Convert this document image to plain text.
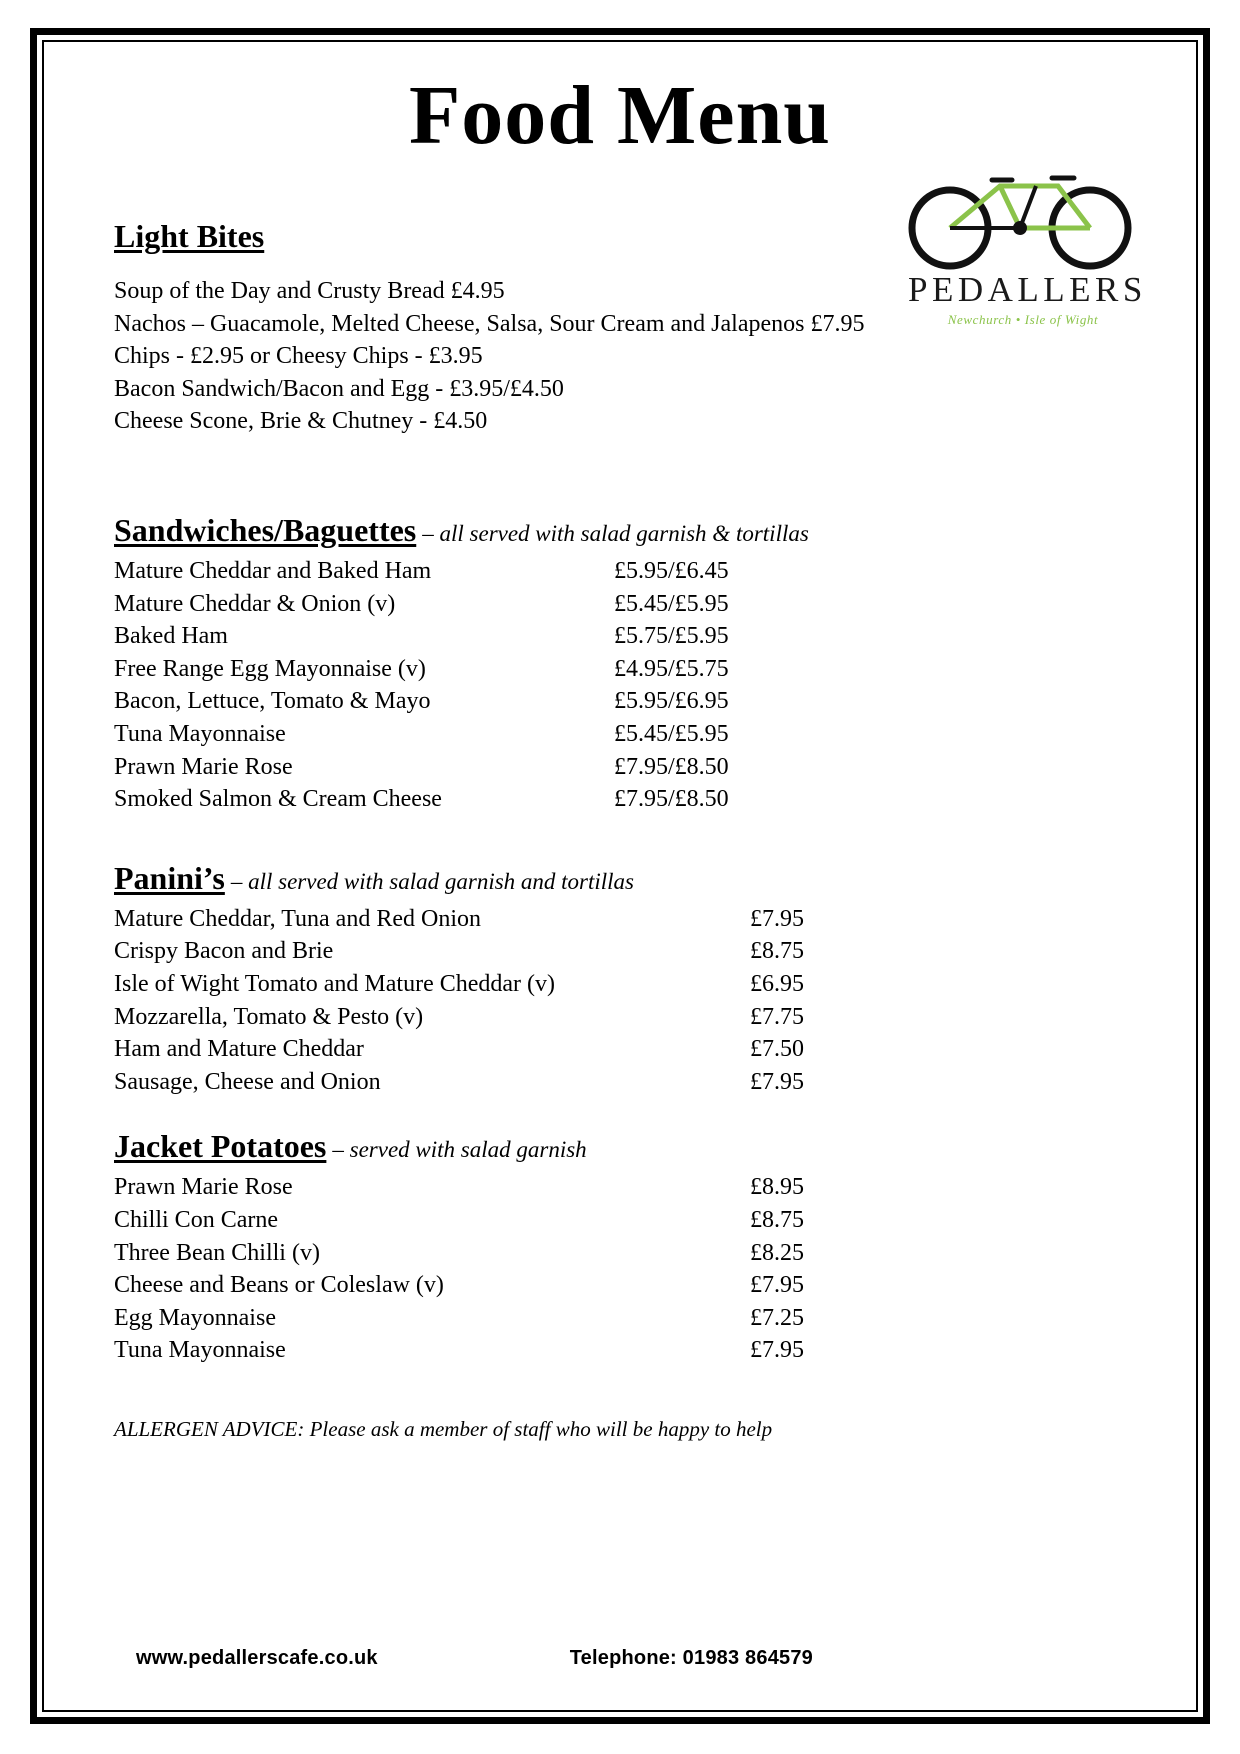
Food Menu
PEDALLERS
Newchurch • Isle of Wight
Light Bites
Soup of the Day and Crusty Bread £4.95
Nachos – Guacamole, Melted Cheese, Salsa, Sour Cream and Jalapenos £7.95
Chips - £2.95 or Cheesy Chips - £3.95
Bacon Sandwich/Bacon and Egg - £3.95/£4.50
Cheese Scone, Brie & Chutney - £4.50
Sandwiches/Baguettes – all served with salad garnish & tortillas
Mature Cheddar and Baked Ham	£5.95/£6.45
Mature Cheddar & Onion (v)	£5.45/£5.95
Baked Ham	£5.75/£5.95
Free Range Egg Mayonnaise (v)	£4.95/£5.75
Bacon, Lettuce, Tomato & Mayo	£5.95/£6.95
Tuna Mayonnaise	£5.45/£5.95
Prawn Marie Rose	£7.95/£8.50
Smoked Salmon & Cream Cheese	£7.95/£8.50
Panini’s – all served with salad garnish and tortillas
Mature Cheddar, Tuna and Red Onion	£7.95
Crispy Bacon and Brie	£8.75
Isle of Wight Tomato and Mature Cheddar (v)	£6.95
Mozzarella, Tomato & Pesto (v)	£7.75
Ham and Mature Cheddar	£7.50
Sausage, Cheese and Onion	£7.95
Jacket Potatoes – served with salad garnish
Prawn Marie Rose	£8.95
Chilli Con Carne	£8.75
Three Bean Chilli (v)	£8.25
Cheese and Beans or Coleslaw (v)	£7.95
Egg Mayonnaise	£7.25
Tuna Mayonnaise	£7.95
ALLERGEN ADVICE: Please ask a member of staff who will be happy to help
www.pedallerscafe.co.uk	Telephone: 01983 864579
